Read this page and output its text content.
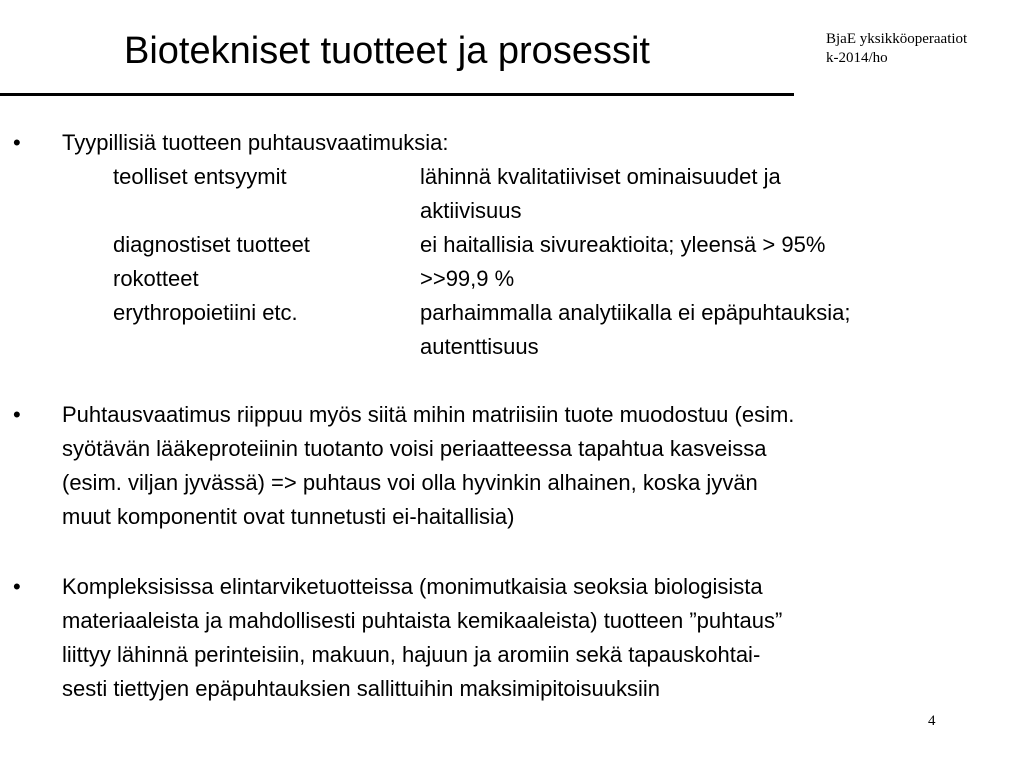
Biotekniset tuotteet ja prosessit	BjaE yksikköoperaatiot
k-2014/ho
• Tyypillisiä tuotteen puhtausvaatimuksia:
teolliset entsyymit	lähinnä kvalitatiiviset ominaisuudet ja
aktiivisuus
diagnostiset tuotteet	ei haitallisia sivureaktioita; yleensä > 95%
rokotteet	>>99,9 %
erythropoietiini etc.	parhaimmalla analytiikalla ei epäpuhtauksia;
autenttisuus
• Puhtausvaatimus riippuu myös siitä mihin matriisiin tuote muodostuu (esim.
syötävän lääkeproteiinin tuotanto voisi periaatteessa tapahtua kasveissa
(esim. viljan jyvässä) => puhtaus voi olla hyvinkin alhainen, koska jyvän
muut komponentit ovat tunnetusti ei-haitallisia)
• Kompleksisissa elintarviketuotteissa (monimutkaisia seoksia biologisista
materiaaleista ja mahdollisesti puhtaista kemikaaleista) tuotteen ”puhtaus”
liittyy lähinnä perinteisiin, makuun, hajuun ja aromiin sekä tapauskohtai-
sesti tiettyjen epäpuhtauksien sallittuihin maksimipitoisuuksiin
4
